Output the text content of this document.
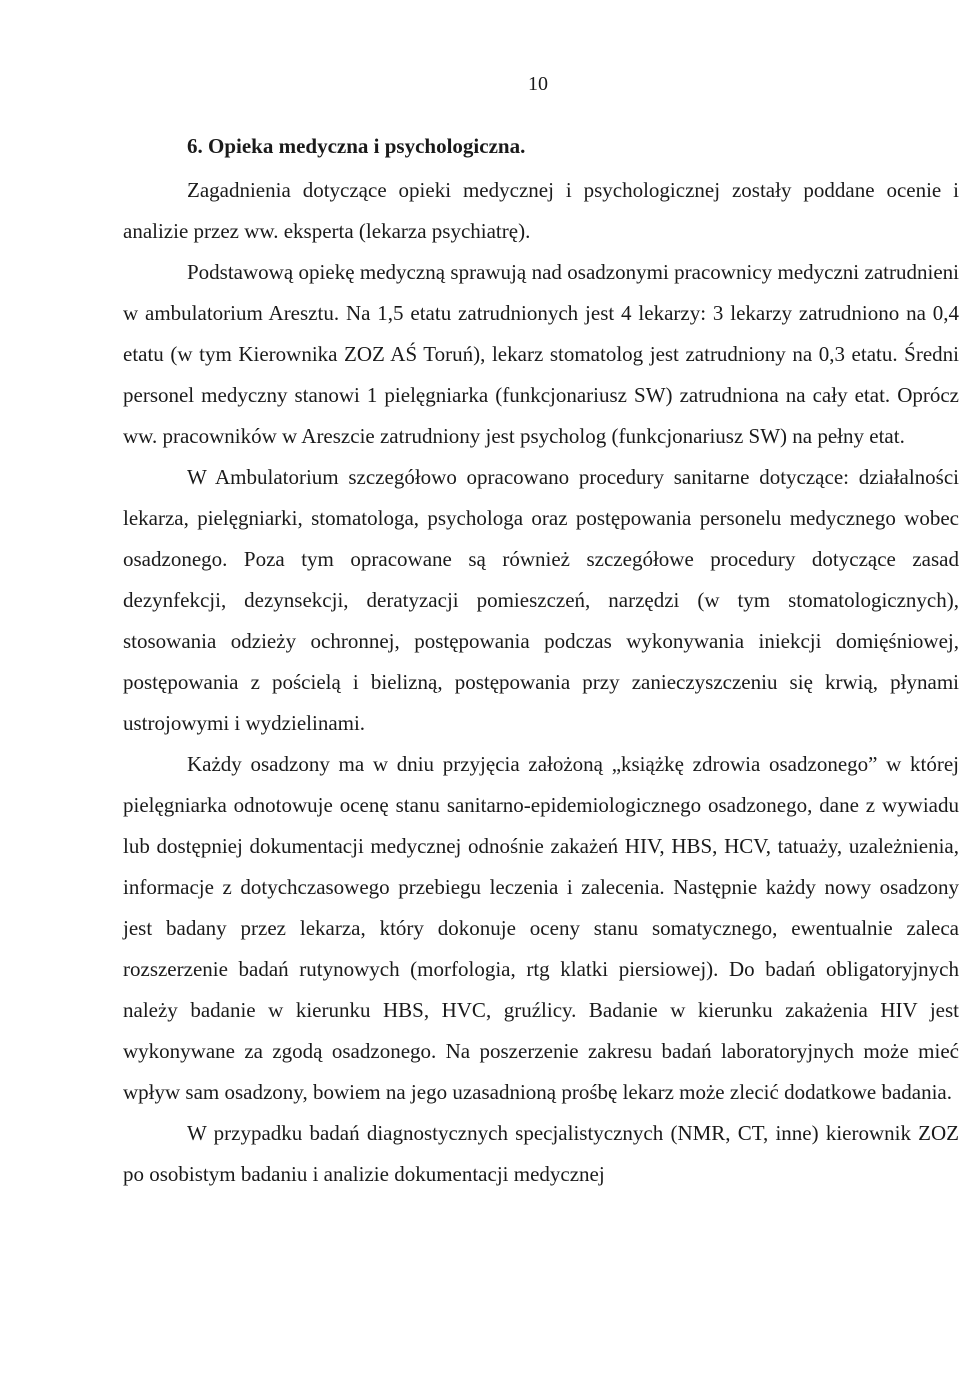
10
6. Opieka medyczna i psychologiczna.

Zagadnienia dotyczące opieki medycznej i psychologicznej zostały poddane ocenie i analizie przez ww. eksperta (lekarza psychiatrę).

Podstawową opiekę medyczną sprawują nad osadzonymi pracownicy medyczni zatrudnieni w ambulatorium Aresztu. Na 1,5 etatu zatrudnionych jest 4 lekarzy: 3 lekarzy zatrudniono na 0,4 etatu (w tym Kierownika ZOZ AŚ Toruń), lekarz stomatolog jest zatrudniony na 0,3 etatu. Średni personel medyczny stanowi 1 pielęgniarka (funkcjonariusz SW) zatrudniona na cały etat. Oprócz ww. pracowników w Areszcie zatrudniony jest psycholog (funkcjonariusz SW) na pełny etat.

W Ambulatorium szczegółowo opracowano procedury sanitarne dotyczące: działalności lekarza, pielęgniarki, stomatologa, psychologa oraz postępowania personelu medycznego wobec osadzonego. Poza tym opracowane są również szczegółowe procedury dotyczące zasad dezynfekcji, dezynsekcji, deratyzacji pomieszczeń, narzędzi (w tym stomatologicznych), stosowania odzieży ochronnej, postępowania podczas wykonywania iniekcji domięśniowej, postępowania z pościelą i bielizną, postępowania przy zanieczyszczeniu się krwią, płynami ustrojowymi i wydzielinami.

Każdy osadzony ma w dniu przyjęcia założoną „książkę zdrowia osadzonego” w której pielęgniarka odnotowuje ocenę stanu sanitarno-epidemiologicznego osadzonego, dane z wywiadu lub dostępniej dokumentacji medycznej odnośnie zakażeń HIV, HBS, HCV, tatuaży, uzależnienia, informacje z dotychczasowego przebiegu leczenia i zalecenia. Następnie każdy nowy osadzony jest badany przez lekarza, który dokonuje oceny stanu somatycznego, ewentualnie zaleca rozszerzenie badań rutynowych (morfologia, rtg klatki piersiowej). Do badań obligatoryjnych należy badanie w kierunku HBS, HVC, gruźlicy. Badanie w kierunku zakażenia HIV jest wykonywane za zgodą osadzonego. Na poszerzenie zakresu badań laboratoryjnych może mieć wpływ sam osadzony, bowiem na jego uzasadnioną prośbę lekarz może zlecić dodatkowe badania.

W przypadku badań diagnostycznych specjalistycznych (NMR, CT, inne) kierownik ZOZ po osobistym badaniu i analizie dokumentacji medycznej
